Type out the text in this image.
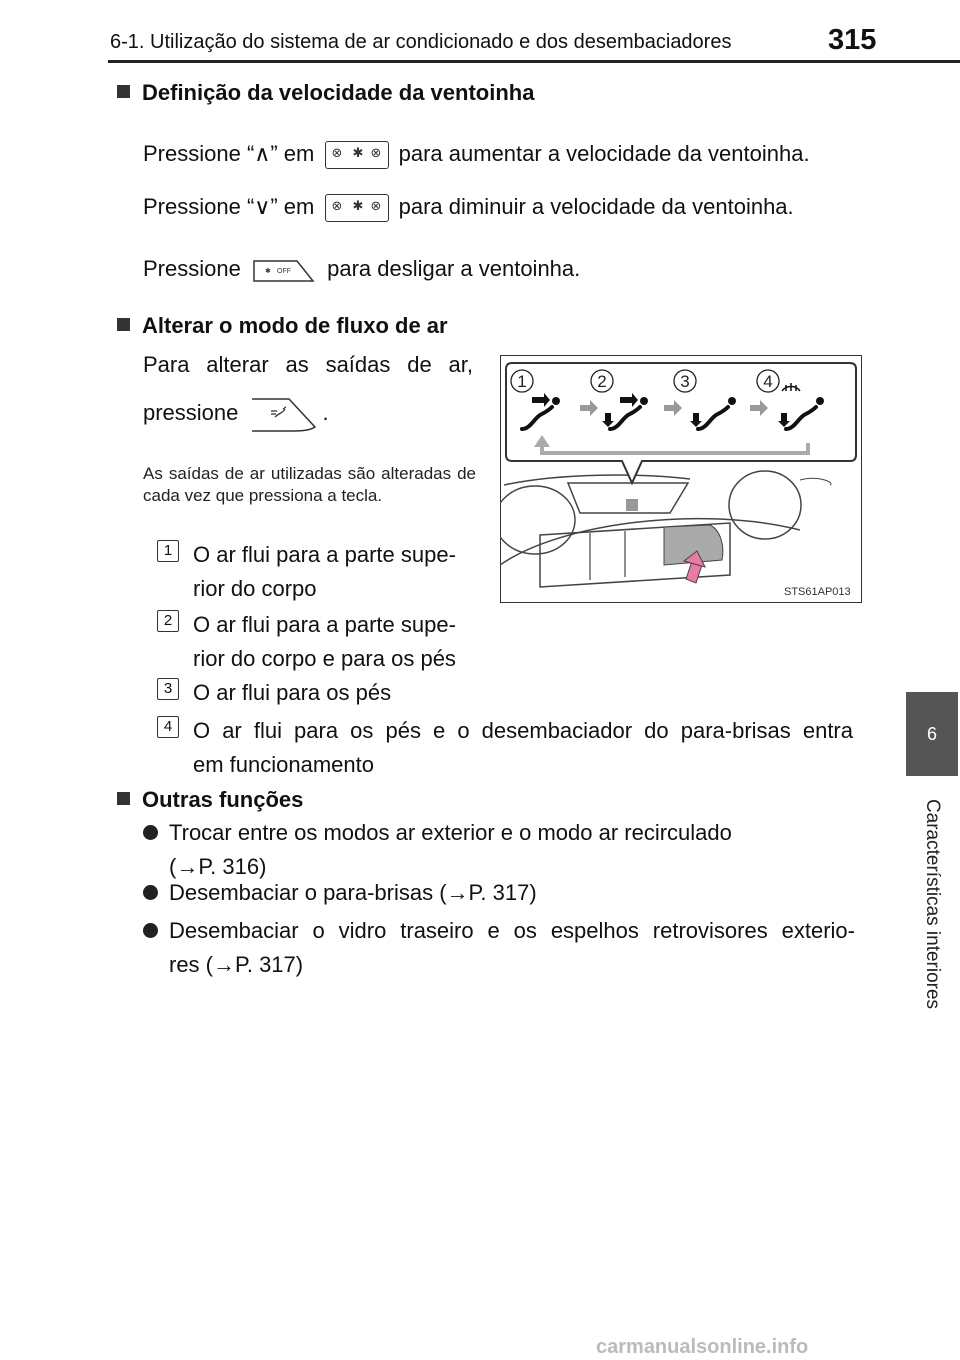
6-1. Utilização do sistema de ar condicionado e dos desembaciadores	315
6
Características interiores
Definição da velocidade da ventoinha
Pressione “∧” em ⊗ ✱ ⊗ para aumentar a velocidade da ventoinha.
Pressione “∨” em ⊗ ✱ ⊗ para diminuir a velocidade da ventoinha.
Pressione	✱ OFF para desligar a ventoinha.
Alterar o modo de fluxo de ar
Para alterar as saídas de ar,
pressione	.
As saídas de ar utilizadas são alteradas de cada vez que pressiona a tecla.
1	2	3	4
STS61AP013
1 O ar flui para a parte supe-
rior do corpo
2 O ar flui para a parte supe-
rior do corpo e para os pés
3 O ar flui para os pés
4 O ar flui para os pés e o desembaciador do para-brisas entra
em funcionamento
Outras funções
Trocar entre os modos ar exterior e o modo ar recirculado
(→P. 316)
Desembaciar o para-brisas (→P. 317)
Desembaciar o vidro traseiro e os espelhos retrovisores exterio-
res (→P. 317)
carmanualsonline.info
